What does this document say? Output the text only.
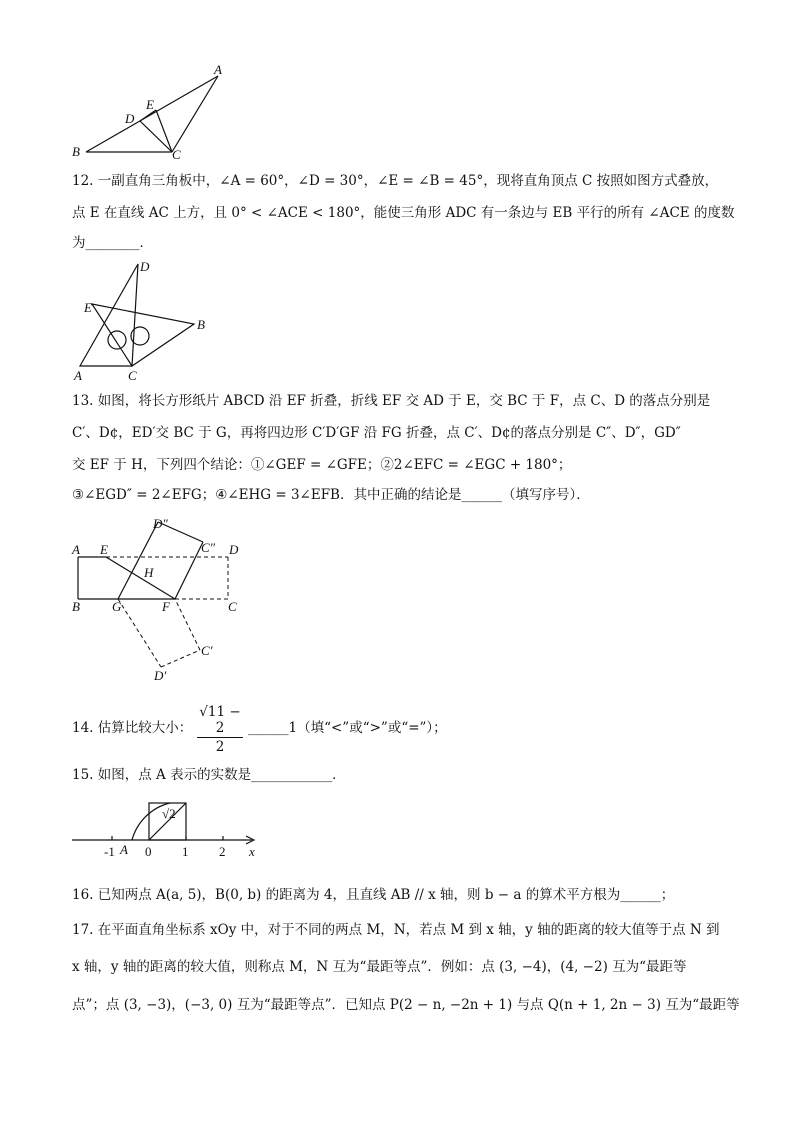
A
E
D
B	C
12. 一副直角三角板中，∠A = 60°，∠D = 30°，∠E = ∠B = 45°，现将直角顶点 C 按照如图方式叠放，
点 E 在直线 AC 上方，且 0° < ∠ACE < 180°，能使三角形 ADC 有一条边与 EB 平行的所有 ∠ACE 的度数
为________．
D
E
B
A	C
13. 如图，将长方形纸片 ABCD 沿 EF 折叠，折线 EF 交 AD 于 E，交 BC 于 F，点 C、D 的落点分别是
C′、D¢，ED′交 BC 于 G，再将四边形 C′D′GF 沿 FG 折叠，点 C′、D¢的落点分别是 C″、D″，GD″
交 EF 于 H，下列四个结论：①∠GEF = ∠GFE；②2∠EFC = ∠EGC + 180°；
③∠EGD″ = 2∠EFG；④∠EHG = 3∠EFB．其中正确的结论是______（填写序号）．
A E
D″
C″ D
H
B G	F	C
C′
D′
14. 估算比较大小： $\frac{√11 - 2}{2}$ ______1（填“<”或“>”或“=”）；
15. 如图，点 A 表示的实数是____________．
√2
-1 A 0 1 2 x
16. 已知两点 A(a, 5)，B(0, b) 的距离为 4，且直线 AB // x 轴，则 b − a 的算术平方根为______；
17. 在平面直角坐标系 xOy 中，对于不同的两点 M，N，若点 M 到 x 轴，y 轴的距离的较大值等于点 N 到
x 轴，y 轴的距离的较大值，则称点 M，N 互为“最距等点”．例如：点 (3, −4)，(4, −2) 互为“最距等
点”；点 (3, −3)，(−3, 0) 互为“最距等点”．已知点 P(2 − n, −2n + 1) 与点 Q(n + 1, 2n − 3) 互为“最距等
